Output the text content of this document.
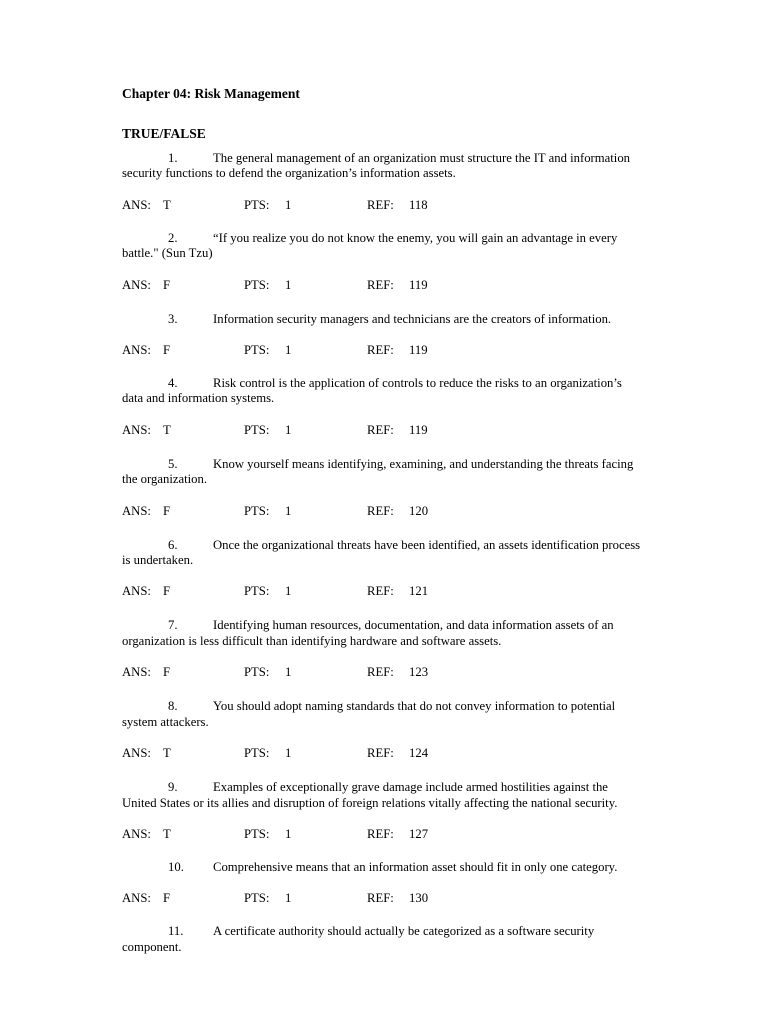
Chapter 04: Risk Management

TRUE/FALSE

1.	The general management of an organization must structure the IT and information security functions to defend the organization’s information assets.

ANS: T	PTS: 1	REF: 118

2.	“If you realize you do not know the enemy, you will gain an advantage in every battle." (Sun Tzu)

ANS: F	PTS: 1	REF: 119

3.	Information security managers and technicians are the creators of information.

ANS: F	PTS: 1	REF: 119

4.	Risk control is the application of controls to reduce the risks to an organization’s data and information systems.

ANS: T	PTS: 1	REF: 119

5.	Know yourself means identifying, examining, and understanding the threats facing the organization.

ANS: F	PTS: 1	REF: 120

6.	Once the organizational threats have been identified, an assets identification process is undertaken.

ANS: F	PTS: 1	REF: 121

7.	Identifying human resources, documentation, and data information assets of an organization is less difficult than identifying hardware and software assets.

ANS: F	PTS: 1	REF: 123

8.	You should adopt naming standards that do not convey information to potential system attackers.

ANS: T	PTS: 1	REF: 124

9.	Examples of exceptionally grave damage include armed hostilities against the United States or its allies and disruption of foreign relations vitally affecting the national security.

ANS: T	PTS: 1	REF: 127

10. Comprehensive means that an information asset should fit in only one category.

ANS: F	PTS: 1	REF: 130

11. A certificate authority should actually be categorized as a software security component.
